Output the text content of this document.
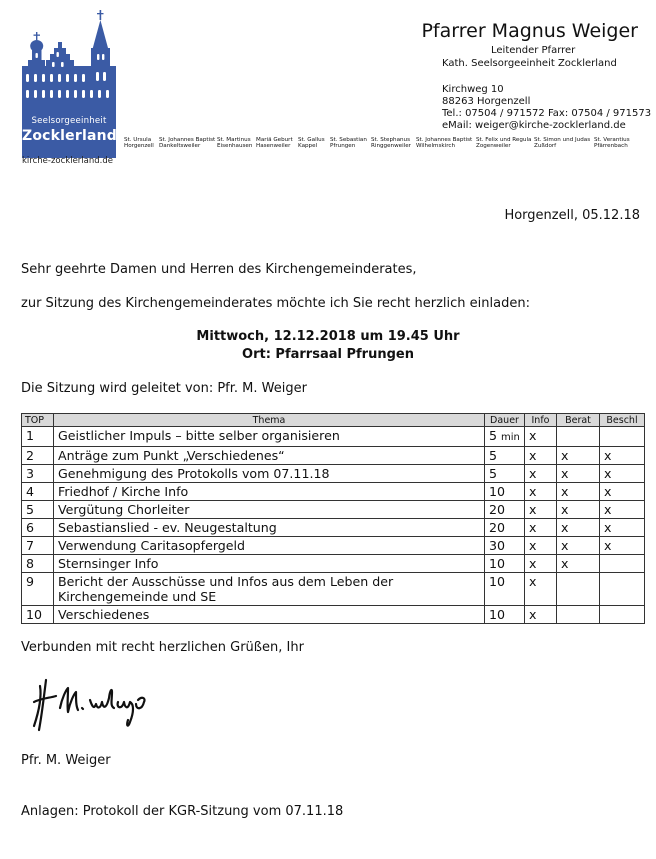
Seelsorgeeinheit
Zocklerland
kirche-zocklerland.de
Pfarrer Magnus Weiger
Leitender Pfarrer
Kath. Seelsorgeeinheit Zocklerland
Kirchweg 10
88263 Horgenzell
Tel.: 07504 / 971572 Fax: 07504 / 971573
eMail: weiger@kirche-zocklerland.de
St. Ursula
Horgenzell
St. Johannes Baptist
Dankeltsweiler
St. Martinus
Eisenhausen
Mariä Geburt
Hasenweiler
St. Gallus
Kappel
St. Sebastian
Pfrungen
St. Stephanus
Ringgenweiler
St. Johannes Baptist
Wilhelmskirch
St. Felix und Regula
Zogenweiler
St. Simon und Judas
Zußdorf
St. Verantius
Pfärrenbach
Horgenzell, 05.12.18
Sehr geehrte Damen und Herren des Kirchengemeinderates,
zur Sitzung des Kirchengemeinderates möchte ich Sie recht herzlich einladen:
Mittwoch, 12.12.2018 um 19.45 Uhr
Ort: Pfarrsaal Pfrungen
Die Sitzung wird geleitet von: Pfr. M. Weiger
TOP	Thema	Dauer	Info	Berat	Beschl
1	Geistlicher Impuls – bitte selber organisieren	5 min	x		
2	Anträge zum Punkt „Verschiedenes“	5	x	x	x
3	Genehmigung des Protokolls vom 07.11.18	5	x	x	x
4	Friedhof / Kirche Info	10	x	x	x
5	Vergütung Chorleiter	20	x	x	x
6	Sebastianslied - ev. Neugestaltung	20	x	x	x
7	Verwendung Caritasopfergeld	30	x	x	x
8	Sternsinger Info	10	x	x	
9	Bericht der Ausschüsse und Infos aus dem Leben der Kirchengemeinde und SE	10	x		
10	Verschiedenes	10	x		
Verbunden mit recht herzlichen Grüßen, Ihr
Pfr. M. Weiger
Anlagen: Protokoll der KGR-Sitzung vom 07.11.18
